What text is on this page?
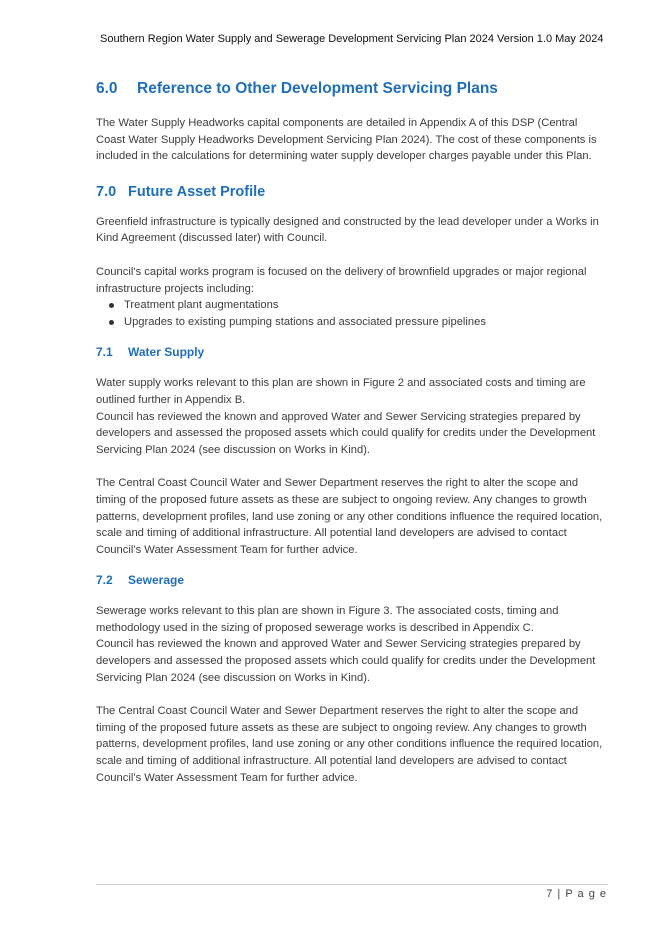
Southern Region Water Supply and Sewerage Development Servicing Plan 2024 Version 1.0 May 2024
6.0 Reference to Other Development Servicing Plans

The Water Supply Headworks capital components are detailed in Appendix A of this DSP (Central Coast Water Supply Headworks Development Servicing Plan 2024). The cost of these components is included in the calculations for determining water supply developer charges payable under this Plan.

7.0 Future Asset Profile

Greenfield infrastructure is typically designed and constructed by the lead developer under a Works in Kind Agreement (discussed later) with Council.

Council’s capital works program is focused on the delivery of brownfield upgrades or major regional infrastructure projects including:

Treatment plant augmentations
Upgrades to existing pumping stations and associated pressure pipelines
7.1 Water Supply

Water supply works relevant to this plan are shown in Figure 2 and associated costs and timing are outlined further in Appendix B.

Council has reviewed the known and approved Water and Sewer Servicing strategies prepared by developers and assessed the proposed assets which could qualify for credits under the Development Servicing Plan 2024 (see discussion on Works in Kind).

The Central Coast Council Water and Sewer Department reserves the right to alter the scope and timing of the proposed future assets as these are subject to ongoing review. Any changes to growth patterns, development profiles, land use zoning or any other conditions influence the required location, scale and timing of additional infrastructure. All potential land developers are advised to contact Council’s Water Assessment Team for further advice.

7.2 Sewerage

Sewerage works relevant to this plan are shown in Figure 3. The associated costs, timing and methodology used in the sizing of proposed sewerage works is described in Appendix C.

Council has reviewed the known and approved Water and Sewer Servicing strategies prepared by developers and assessed the proposed assets which could qualify for credits under the Development Servicing Plan 2024 (see discussion on Works in Kind).

The Central Coast Council Water and Sewer Department reserves the right to alter the scope and timing of the proposed future assets as these are subject to ongoing review. Any changes to growth patterns, development profiles, land use zoning or any other conditions influence the required location, scale and timing of additional infrastructure. All potential land developers are advised to contact Council’s Water Assessment Team for further advice.

7 | P a g e
